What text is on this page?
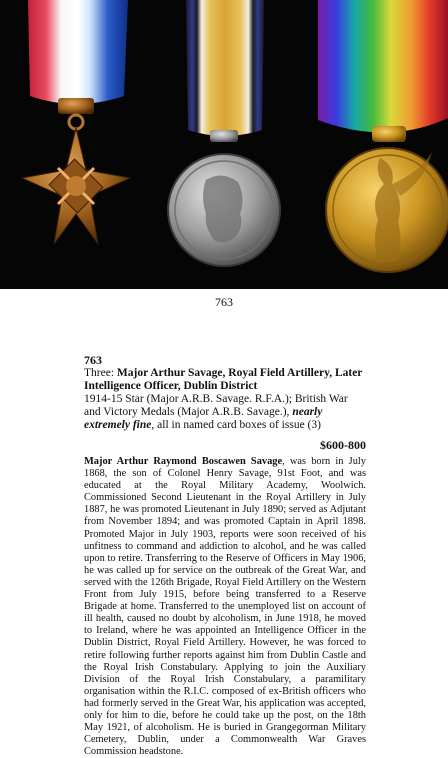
763
763
Three: Major Arthur Savage, Royal Field Artillery, Later Intelligence Officer, Dublin District
1914-15 Star (Major A.R.B. Savage. R.F.A.); British War and Victory Medals (Major A.R.B. Savage.), nearly extremely fine, all in named card boxes of issue (3)
$600-800
Major Arthur Raymond Boscawen Savage, was born in July 1868, the son of Colonel Henry Savage, 91st Foot, and was educated at the Royal Military Academy, Woolwich. Commissioned Second Lieutenant in the Royal Artillery in July 1887, he was promoted Lieutenant in July 1890; served as Adjutant from November 1894; and was promoted Captain in April 1898. Promoted Major in July 1903, reports were soon received of his unfitness to command and addiction to alcohol, and he was called upon to retire. Transferring to the Reserve of Officers in May 1906, he was called up for service on the outbreak of the Great War, and served with the 126th Brigade, Royal Field Artillery on the Western Front from July 1915, before being transferred to a Reserve Brigade at home. Transferred to the unemployed list on account of ill health, caused no doubt by alcoholism, in June 1918, he moved to Ireland, where he was appointed an Intelligence Officer in the Dublin District, Royal Field Artillery. However, he was forced to retire following further reports against him from Dublin Castle and the Royal Irish Constabulary. Applying to join the Auxiliary Division of the Royal Irish Constabulary, a paramilitary organisation within the R.I.C. composed of ex-British officers who had formerly served in the Great War, his application was accepted, only for him to die, before he could take up the post, on the 18th May 1921, of alcoholism. He is buried in Grangegorman Military Cemetery, Dublin, under a Commonwealth War Graves Commission headstone.
